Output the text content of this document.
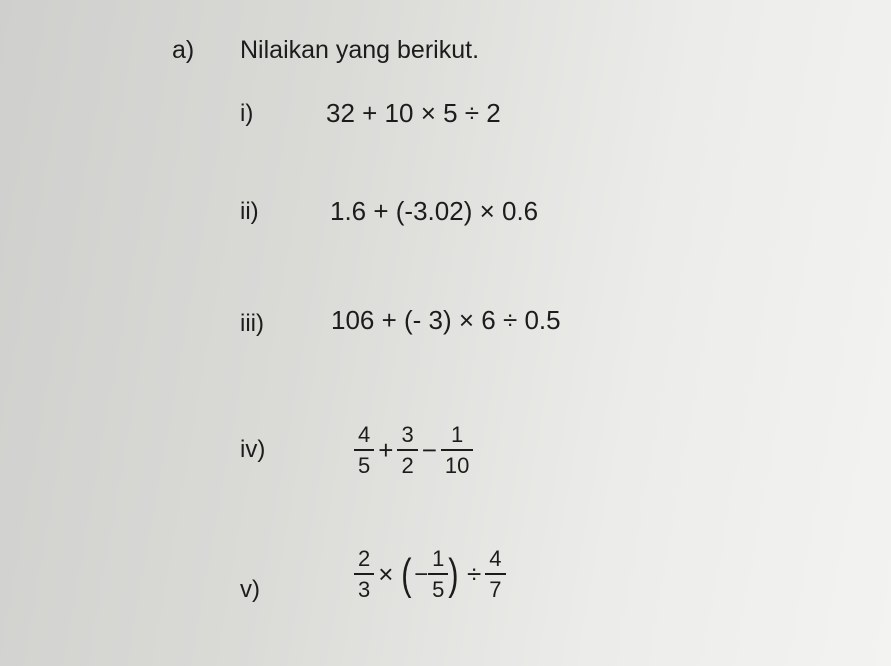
a) Nilaikan yang berikut.
i)	32 + 10 × 5 ÷ 2
ii)	1.6 + (-3.02) × 0.6
iii)	106 + (- 3) × 6 ÷ 0.5
iv)	$\frac{4}{5} + \frac{3}{2} - \frac{1}{10}$
v)	$\frac{2}{3}$ × ( − $\frac{1}{5}$ ) ÷ $\frac{4}{7}$
